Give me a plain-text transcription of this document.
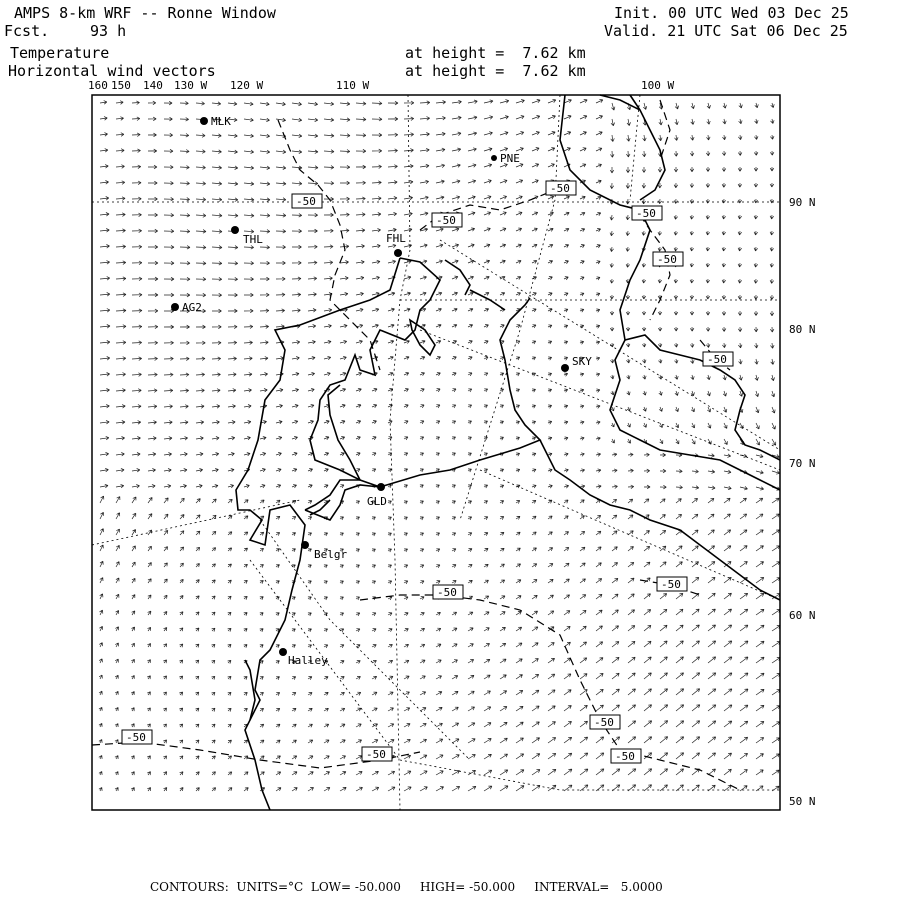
AMPS 8-km WRF -- Ronne Window
Fcst.	93 h
Init. 00 UTC Wed 03 Dec 25
Valid. 21 UTC Sat 06 Dec 25
Temperature
Horizontal wind vectors
at height =  7.62 km
at height =  7.62 km
-50
-50
-50
-50
-50
-50
-50
-50
-50
-50
-50
-50
MLK
PNE
THL	FHL
AG2
SKY
GLD
Belgr
Halley
160 150 140 130 W 120 W	110 W	100 W
90 N
80 N
70 N
60 N
50 N
CONTOURS:  UNITS=°C  LOW= -50.000     HIGH= -50.000     INTERVAL=   5.0000
